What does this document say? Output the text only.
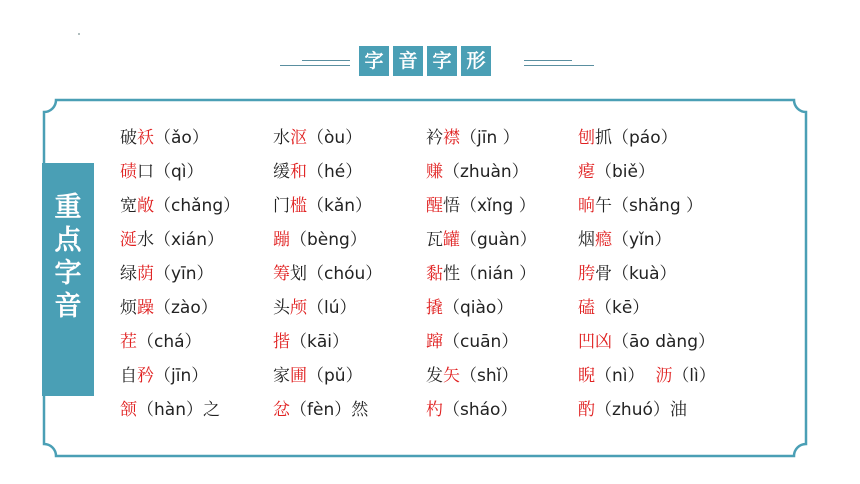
字 音 字 形
重
点
字
音
破袄（ǎo）
碛口（qì）
宽敞（chǎng）
涎水（xián）
绿荫（yīn）
烦躁（zào）
茬（chá）
自矜（jīn）
颔（hàn）之
水沤（òu）
缓和（hé）
门槛（kǎn）
蹦（bèng）
筹划（chóu）
头颅（lú）
揩（kāi）
家圃（pǔ）
忿（fèn）然
衿襟（jīn ）
赚（zhuàn）
醒悟（xǐng ）
瓦罐（guàn）
黏性（nián ）
撬（qiào）
蹿（cuān）
发矢（shǐ）
杓（sháo）
刨抓（páo）
瘪（biě）
晌午（shǎng ）
烟瘾（yǐn）
胯骨（kuà）
磕（kē）
凹凶（āo dàng）
睨（nì）  沥（lì）
酌（zhuó）油
